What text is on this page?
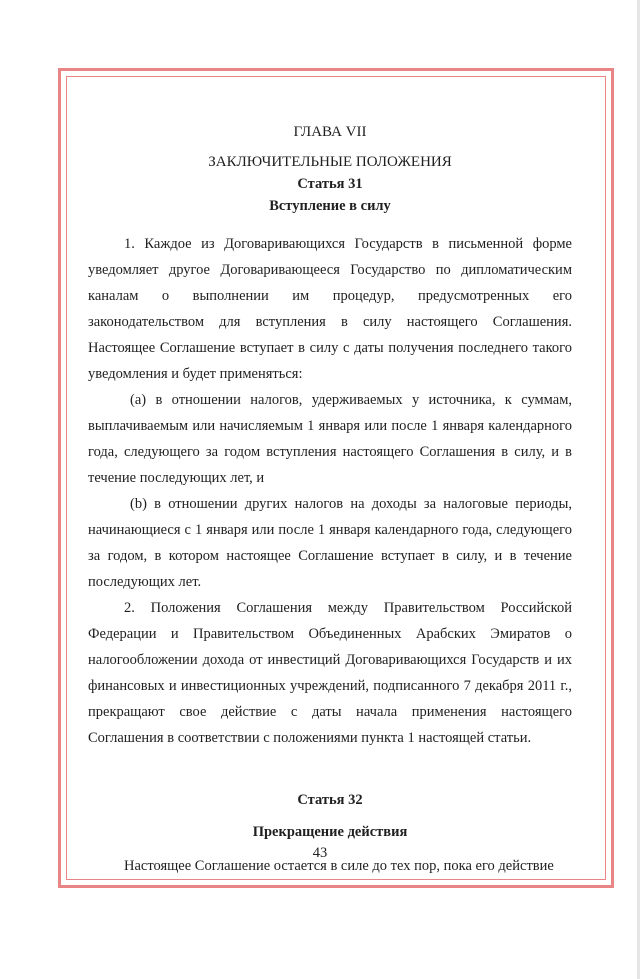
ГЛАВА VII
ЗАКЛЮЧИТЕЛЬНЫЕ ПОЛОЖЕНИЯ
Статья 31
Вступление в силу

1. Каждое из Договаривающихся Государств в письменной форме уведомляет другое Договаривающееся Государство по дипломатическим каналам о выполнении им процедур, предусмотренных его законодательством для вступления в силу настоящего Соглашения. Настоящее Соглашение вступает в силу с даты получения последнего такого уведомления и будет применяться:

(a) в отношении налогов, удерживаемых у источника, к суммам, выплачиваемым или начисляемым 1 января или после 1 января календарного года, следующего за годом вступления настоящего Соглашения в силу, и в течение последующих лет, и

(b) в отношении других налогов на доходы за налоговые периоды, начинающиеся с 1 января или после 1 января календарного года, следующего за годом, в котором настоящее Соглашение вступает в силу, и в течение последующих лет.

2. Положения Соглашения между Правительством Российской Федерации и Правительством Объединенных Арабских Эмиратов о налогообложении дохода от инвестиций Договаривающихся Государств и их финансовых и инвестиционных учреждений, подписанного 7 декабря 2011 г., прекращают свое действие с даты начала применения настоящего Соглашения в соответствии с положениями пункта 1 настоящей статьи.

Статья 32
Прекращение действия

Настоящее Соглашение остается в силе до тех пор, пока его действие

43
